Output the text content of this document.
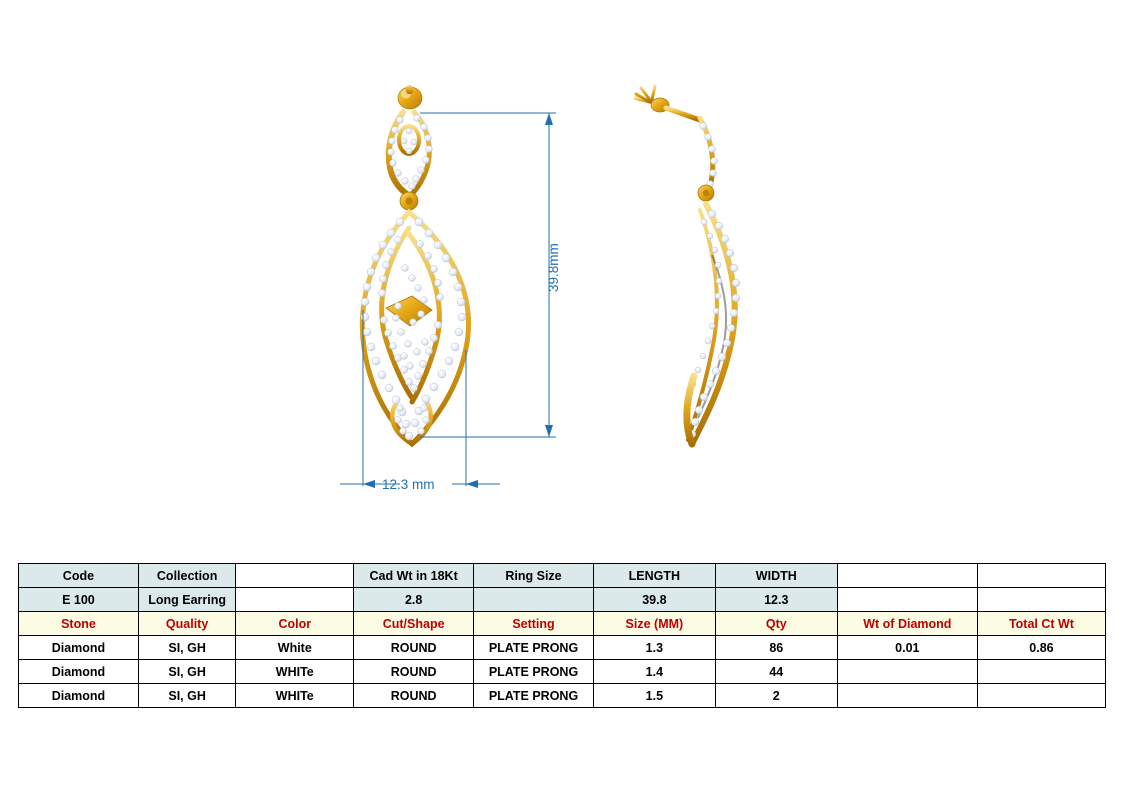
39.8mm
12.3 mm
Code	Collection		Cad Wt in 18Kt	Ring Size	LENGTH	WIDTH		
E 100	Long Earring		2.8		39.8	12.3		
Stone	Quality	Color	Cut/Shape	Setting	Size (MM)	Qty	Wt of Diamond	Total Ct Wt
Diamond	SI, GH	White	ROUND	PLATE PRONG	1.3	86	0.01	0.86
Diamond	SI, GH	WHITe	ROUND	PLATE PRONG	1.4	44		
Diamond	SI, GH	WHITe	ROUND	PLATE PRONG	1.5	2		
